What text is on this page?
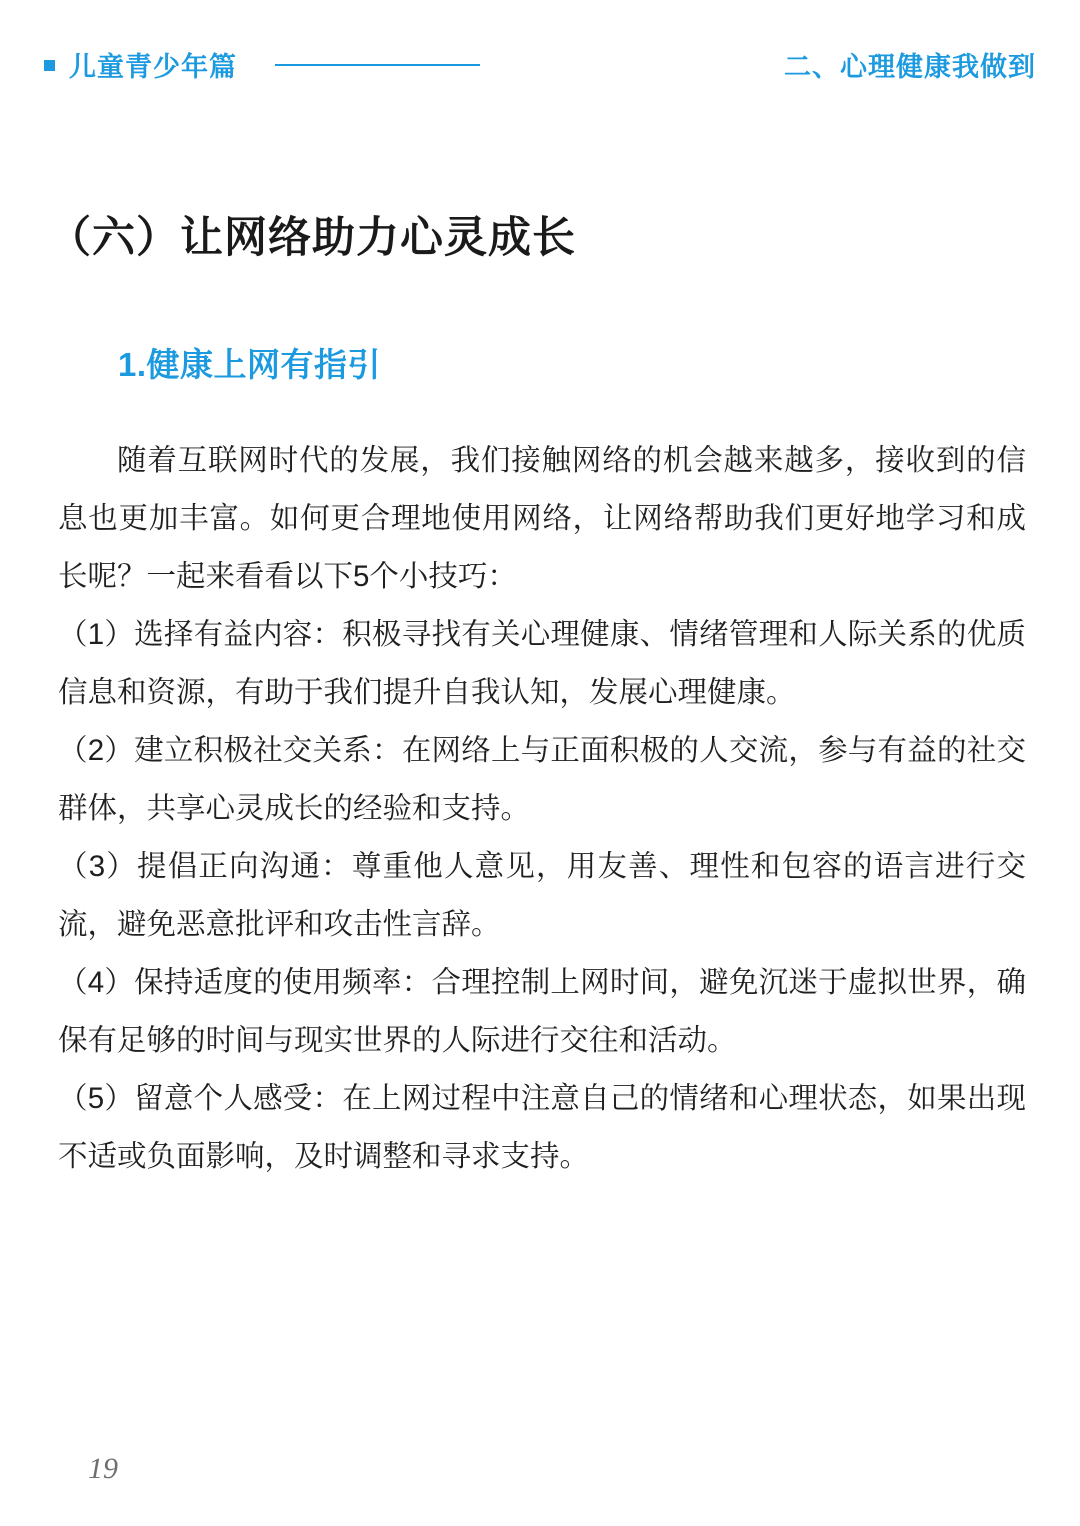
儿童青少年篇	二、心理健康我做到
（六）让网络助力心灵成长
1.健康上网有指引

随着互联网时代的发展，我们接触网络的机会越来越多，接收到的信息也更加丰富。如何更合理地使用网络，让网络帮助我们更好地学习和成长呢？一起来看看以下5个小技巧：

（1）选择有益内容：积极寻找有关心理健康、情绪管理和人际关系的优质信息和资源，有助于我们提升自我认知，发展心理健康。

（2）建立积极社交关系：在网络上与正面积极的人交流，参与有益的社交群体，共享心灵成长的经验和支持。

（3）提倡正向沟通：尊重他人意见，用友善、理性和包容的语言进行交流，避免恶意批评和攻击性言辞。

（4）保持适度的使用频率：合理控制上网时间，避免沉迷于虚拟世界，确保有足够的时间与现实世界的人际进行交往和活动。

（5）留意个人感受：在上网过程中注意自己的情绪和心理状态，如果出现不适或负面影响，及时调整和寻求支持。

19
